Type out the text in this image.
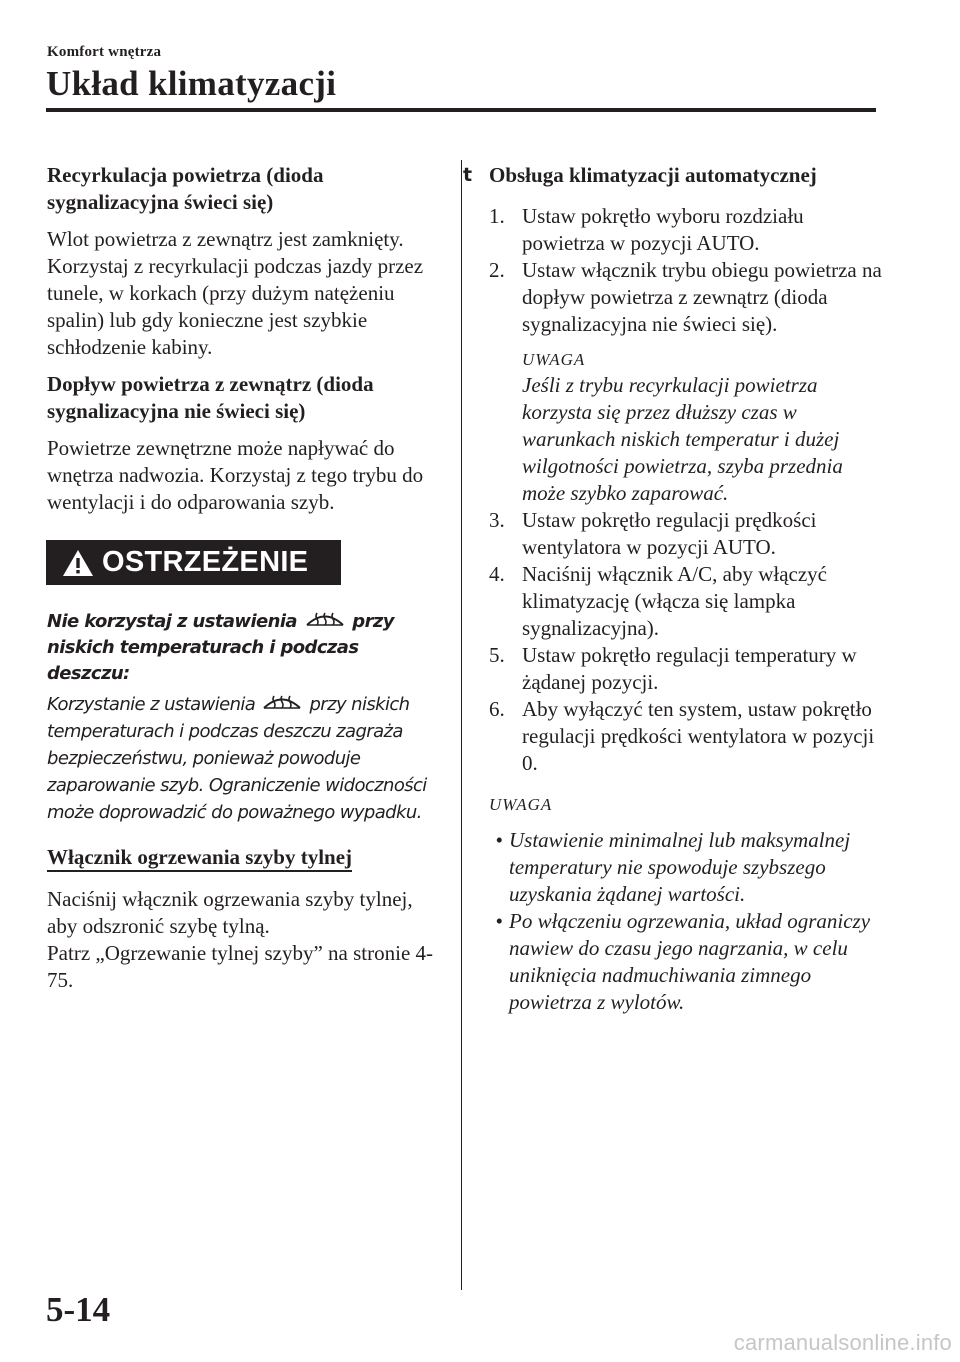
Komfort wnętrza
Układ klimatyzacji
Recyrkulacja powietrza (dioda sygnalizacyjna świeci się)
Wlot powietrza z zewnątrz jest zamknięty. Korzystaj z recyrkulacji podczas jazdy przez tunele, w korkach (przy dużym natężeniu spalin) lub gdy konieczne jest szybkie schłodzenie kabiny.
Dopływ powietrza z zewnątrz (dioda sygnalizacyjna nie świeci się)
Powietrze zewnętrzne może napływać do wnętrza nadwozia. Korzystaj z tego trybu do wentylacji i do odparowania szyb.
OSTRZEŻENIE
Nie korzystaj z ustawienia	przy niskich temperaturach i podczas deszczu:
Korzystanie z ustawienia	przy niskich temperaturach i podczas deszczu zagraża bezpieczeństwu, ponieważ powoduje zaparowanie szyb. Ograniczenie widoczności może doprowadzić do poważnego wypadku.
Włącznik ogrzewania szyby tylnej
Naciśnij włącznik ogrzewania szyby tylnej, aby odszronić szybę tylną.
Patrz „Ogrzewanie tylnej szyby” na stronie 4-75.
t Obsługa klimatyzacji automatycznej
1. Ustaw pokrętło wyboru rozdziału powietrza w pozycji AUTO.
2. Ustaw włącznik trybu obiegu powietrza na dopływ powietrza z zewnątrz (dioda sygnalizacyjna nie świeci się).
UWAGA
Jeśli z trybu recyrkulacji powietrza korzysta się przez dłuższy czas w warunkach niskich temperatur i dużej wilgotności powietrza, szyba przednia może szybko zaparować.
3. Ustaw pokrętło regulacji prędkości wentylatora w pozycji AUTO.
4. Naciśnij włącznik A/C, aby włączyć klimatyzację (włącza się lampka sygnalizacyjna).
5. Ustaw pokrętło regulacji temperatury w żądanej pozycji.
6. Aby wyłączyć ten system, ustaw pokrętło regulacji prędkości wentylatora w pozycji 0.
UWAGA
• Ustawienie minimalnej lub maksymalnej temperatury nie spowoduje szybszego uzyskania żądanej wartości.
• Po włączeniu ogrzewania, układ ograniczy nawiew do czasu jego nagrzania, w celu uniknięcia nadmuchiwania zimnego powietrza z wylotów.
5-14
carmanualsonline.info
